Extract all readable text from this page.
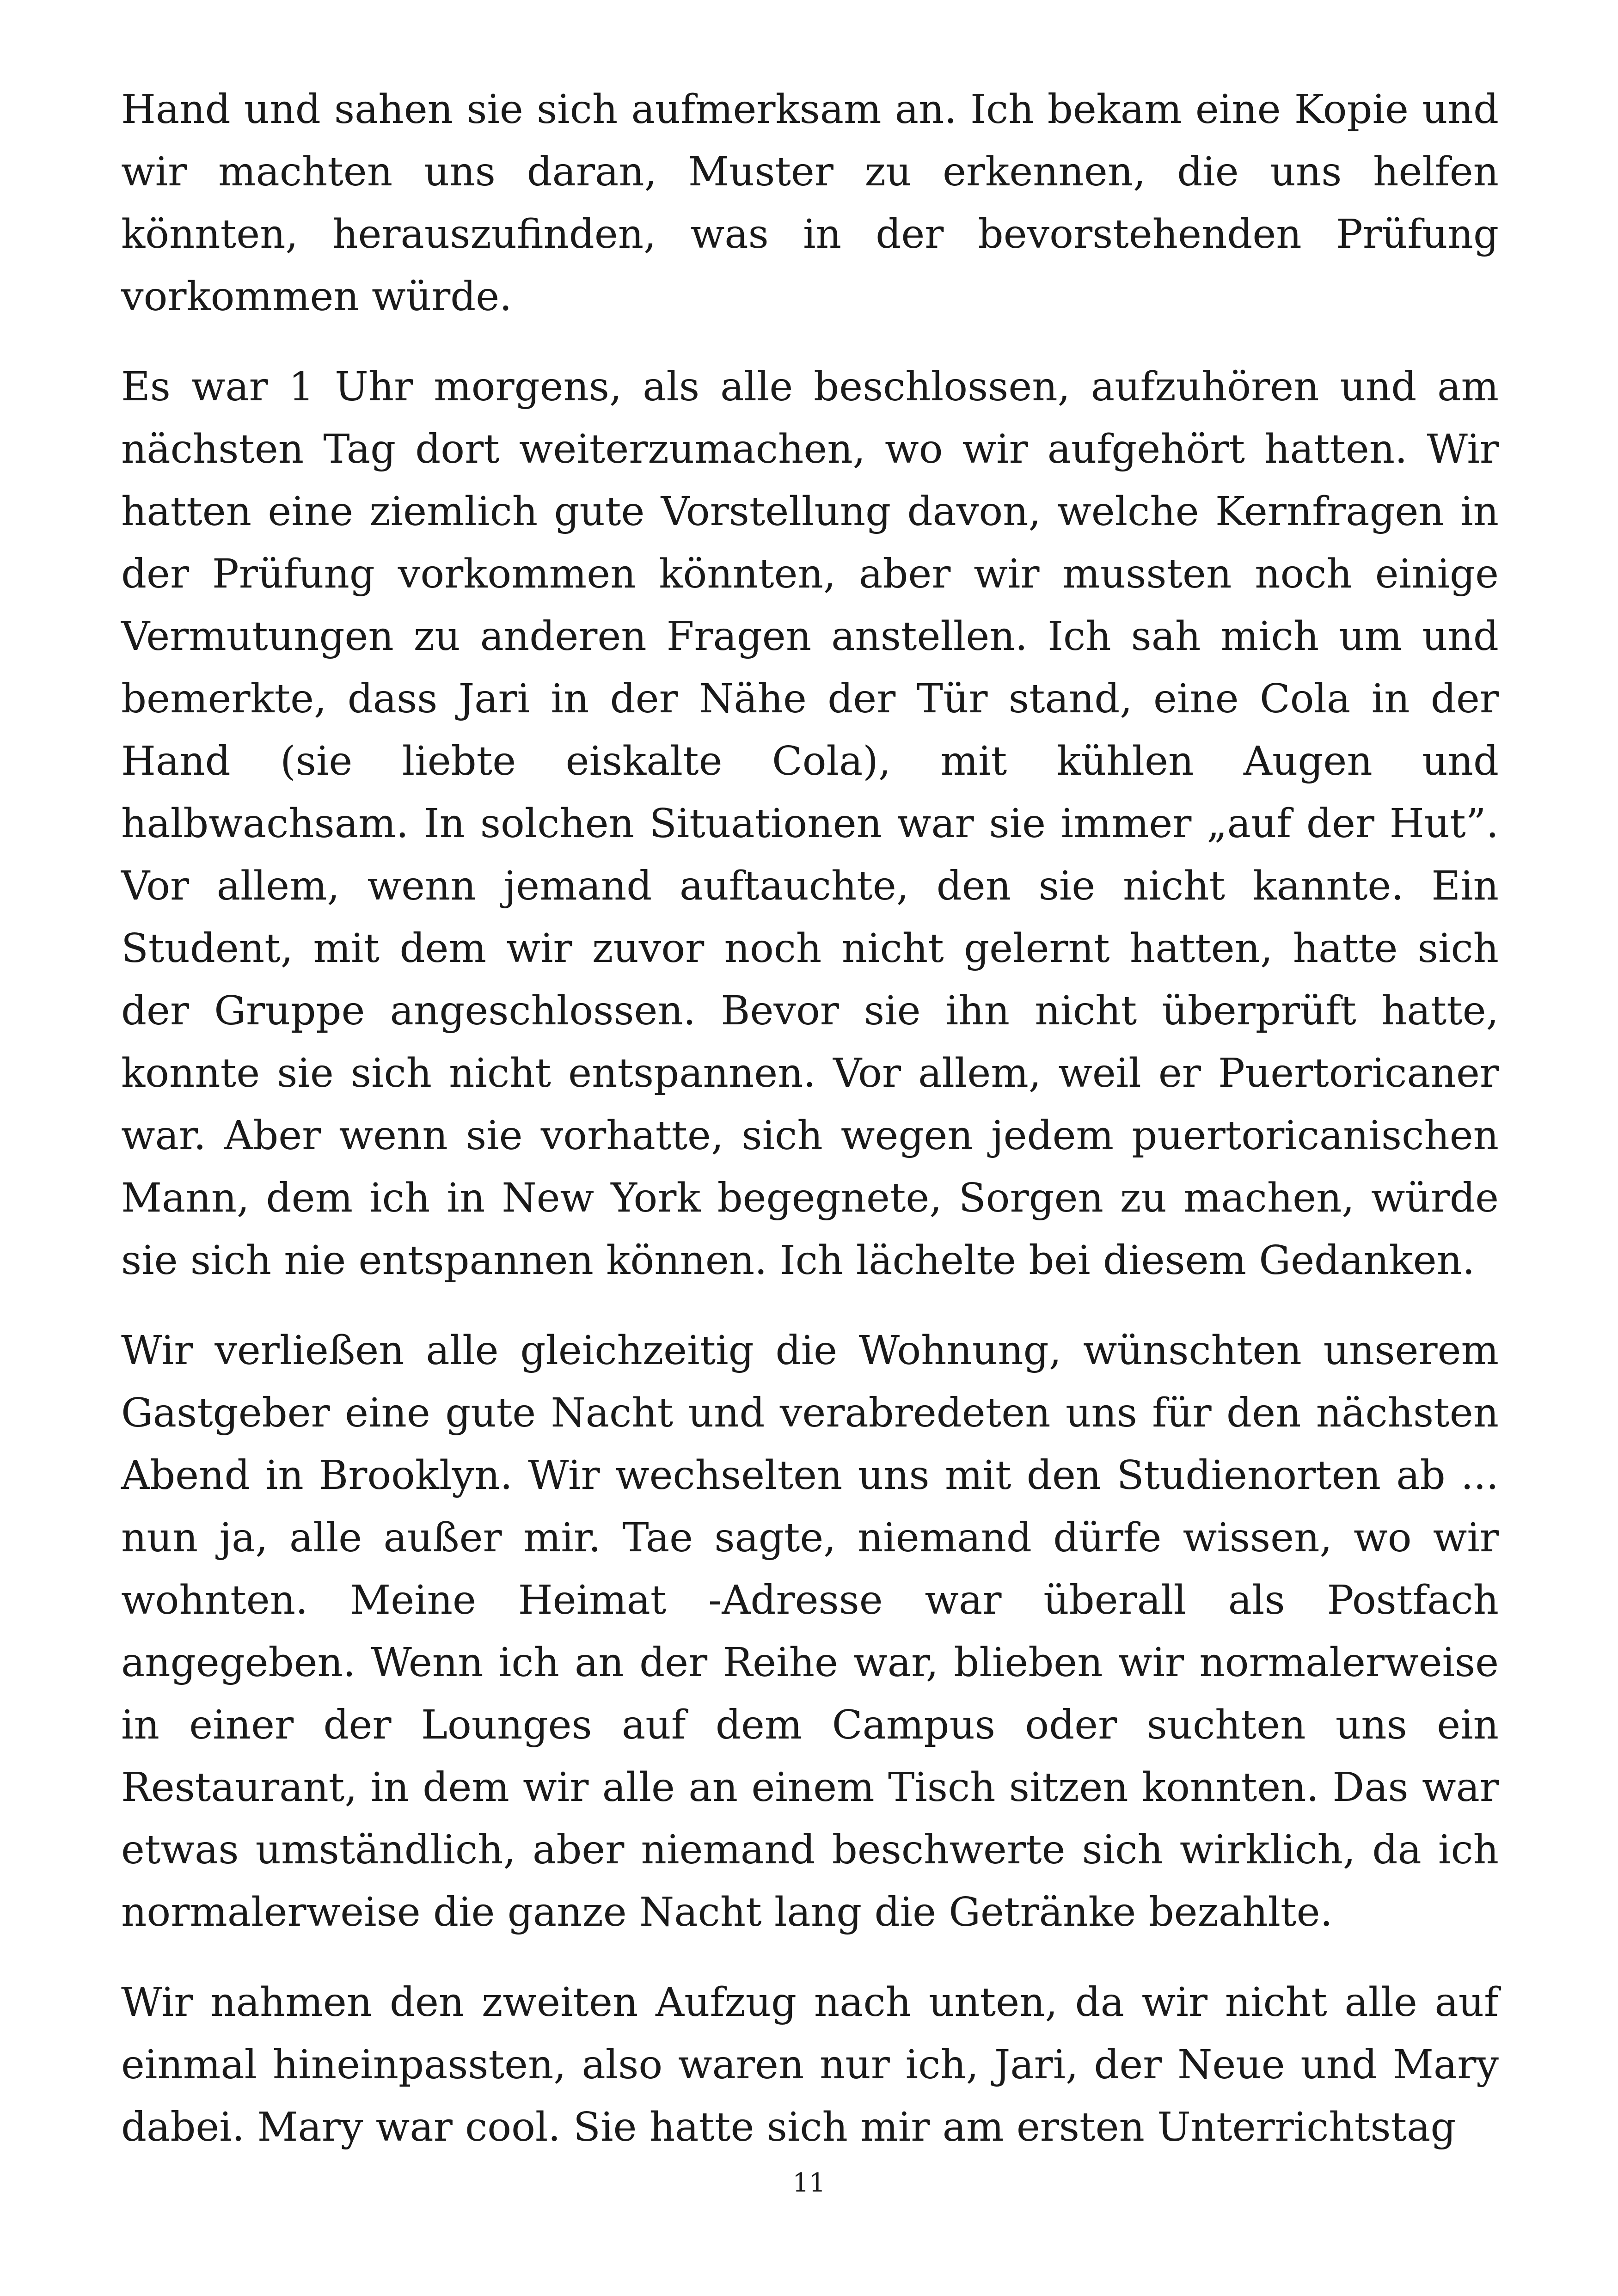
Hand und sahen sie sich aufmerksam an. Ich bekam eine Kopie und wir machten uns daran, Muster zu erkennen, die uns helfen könnten, herauszufinden, was in der bevorstehenden Prüfung vorkommen würde.

Es war 1 Uhr morgens, als alle beschlossen, aufzuhören und am nächsten Tag dort weiterzumachen, wo wir aufgehört hatten. Wir hatten eine ziemlich gute Vorstellung davon, welche Kernfragen in der Prüfung vorkommen könnten, aber wir mussten noch einige Vermutungen zu anderen Fragen anstellen. Ich sah mich um und bemerkte, dass Jari in der Nähe der Tür stand, eine Cola in der Hand (sie liebte eiskalte Cola), mit kühlen Augen und halbwachsam. In solchen Situationen war sie immer „auf der Hut”. Vor allem, wenn jemand auftauchte, den sie nicht kannte. Ein Student, mit dem wir zuvor noch nicht gelernt hatten, hatte sich der Gruppe angeschlossen. Bevor sie ihn nicht überprüft hatte, konnte sie sich nicht entspannen. Vor allem, weil er Puertoricaner war. Aber wenn sie vorhatte, sich wegen jedem puertoricanischen Mann, dem ich in New York begegnete, Sorgen zu machen, würde sie sich nie entspannen können. Ich lächelte bei diesem Gedanken.

Wir verließen alle gleichzeitig die Wohnung, wünschten unserem Gastgeber eine gute Nacht und verabredeten uns für den nächsten Abend in Brooklyn. Wir wechselten uns mit den Studienorten ab ... nun ja, alle außer mir. Tae sagte, niemand dürfe wissen, wo wir wohnten. Meine Heimat -Adresse war überall als Postfach angegeben. Wenn ich an der Reihe war, blieben wir normalerweise in einer der Lounges auf dem Campus oder suchten uns ein Restaurant, in dem wir alle an einem Tisch sitzen konnten. Das war etwas umständlich, aber niemand beschwerte sich wirklich, da ich normalerweise die ganze Nacht lang die Getränke bezahlte.

Wir nahmen den zweiten Aufzug nach unten, da wir nicht alle auf einmal hineinpassten, also waren nur ich, Jari, der Neue und Mary dabei. Mary war cool. Sie hatte sich mir am ersten Unterrichtstag

11
